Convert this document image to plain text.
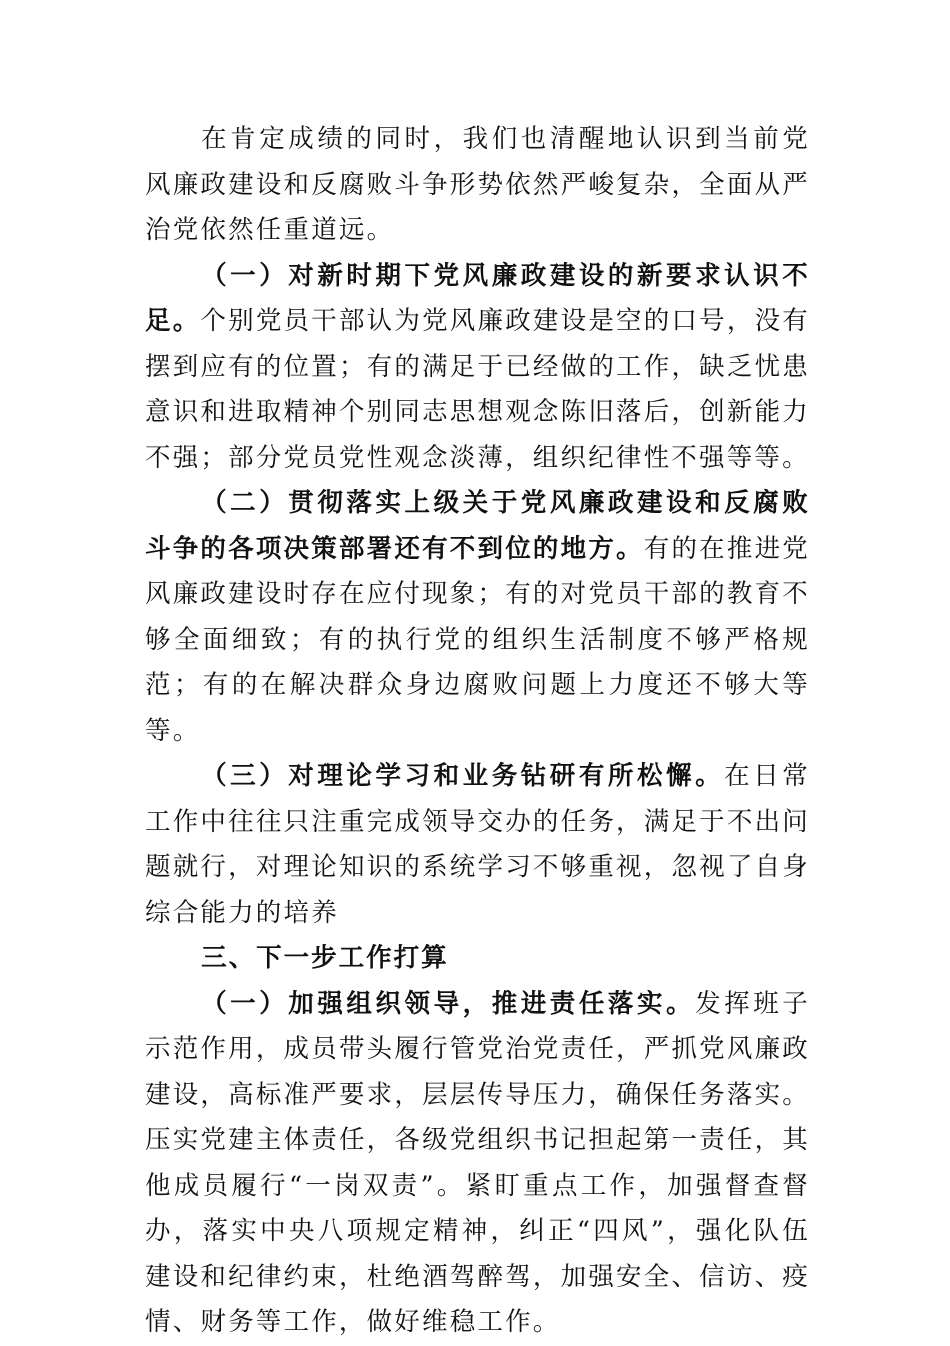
在肯定成绩的同时，我们也清醒地认识到当前党风廉政建设和反腐败斗争形势依然严峻复杂，全面从严治党依然任重道远。

（一）对新时期下党风廉政建设的新要求认识不足。个别党员干部认为党风廉政建设是空的口号，没有摆到应有的位置；有的满足于已经做的工作，缺乏忧患意识和进取精神个别同志思想观念陈旧落后，创新能力不强；部分党员党性观念淡薄，组织纪律性不强等等。

（二）贯彻落实上级关于党风廉政建设和反腐败斗争的各项决策部署还有不到位的地方。有的在推进党风廉政建设时存在应付现象；有的对党员干部的教育不够全面细致；有的执行党的组织生活制度不够严格规范；有的在解决群众身边腐败问题上力度还不够大等等。

（三）对理论学习和业务钻研有所松懈。在日常工作中往往只注重完成领导交办的任务，满足于不出问题就行，对理论知识的系统学习不够重视，忽视了自身综合能力的培养

三、下一步工作打算

（一）加强组织领导，推进责任落实。发挥班子示范作用，成员带头履行管党治党责任，严抓党风廉政建设，高标准严要求，层层传导压力，确保任务落实。压实党建主体责任，各级党组织书记担起第一责任，其他成员履行“一岗双责”。紧盯重点工作，加强督查督办，落实中央八项规定精神，纠正“四风”，强化队伍建设和纪律约束，杜绝酒驾醉驾，加强安全、信访、疫情、财务等工作，做好维稳工作。
